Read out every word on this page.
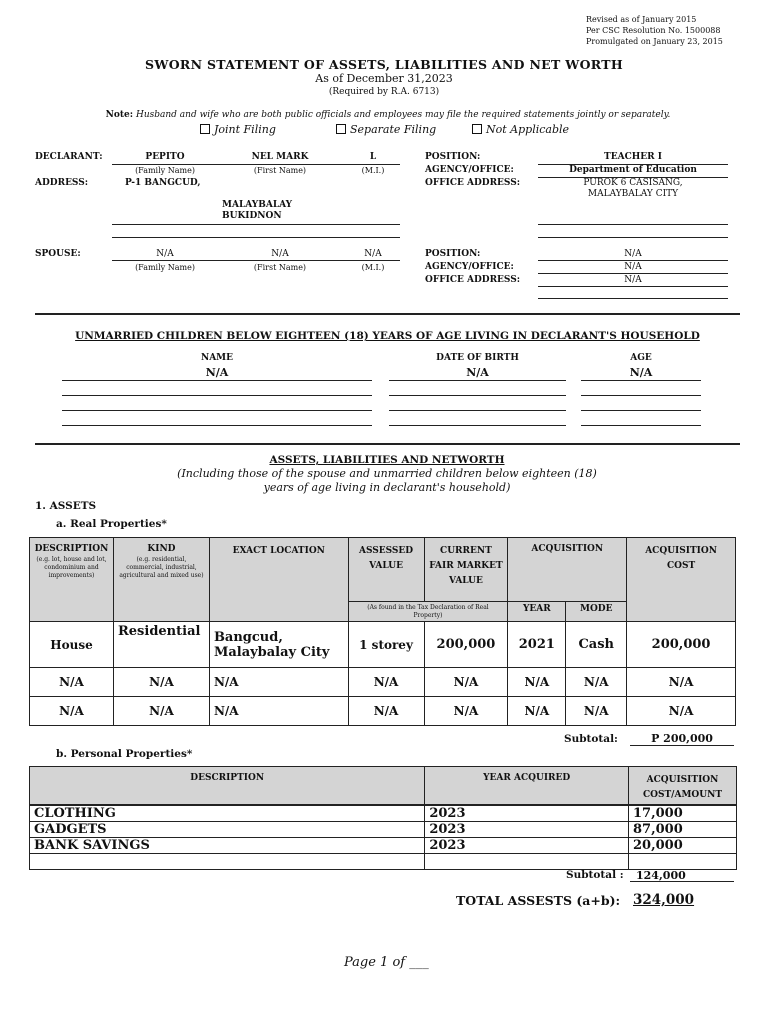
Revised as of January 2015
Per CSC Resolution No. 1500088
Promulgated on January 23, 2015
SWORN STATEMENT OF ASSETS, LIABILITIES AND NET WORTH
As of December 31,2023
(Required by R.A. 6713)
Note: Husband and wife who are both public officials and employees may file the required statements jointly or separately.
Joint Filing	Separate Filing	Not Applicable
DECLARANT:	PEPITO	NEL MARK	L
(Family Name)	(First Name)	(M.I.)
ADDRESS:	P-1 BANGCUD,
MALAYBALAY
BUKIDNON
POSITION:	TEACHER I
AGENCY/OFFICE:	Department of Education
OFFICE ADDRESS:	PUROK 6 CASISANG,
MALAYBALAY CITY
SPOUSE:	N/A	N/A	N/A
(Family Name)	(First Name)	(M.I.)
POSITION:	N/A
AGENCY/OFFICE:	N/A
OFFICE ADDRESS:	N/A
UNMARRIED CHILDREN BELOW EIGHTEEN (18) YEARS OF AGE LIVING IN DECLARANT'S HOUSEHOLD
NAME	DATE OF BIRTH	AGE
N/A	N/A	N/A
ASSETS, LIABILITIES AND NETWORTH
(Including those of the spouse and unmarried children below eighteen (18)
years of age living in declarant's household)
1. ASSETS
a. Real Properties*
DESCRIPTION
(e.g. lot, house and lot, condominium and improvements)	KIND
(e.g. residential, commercial, industrial, agricultural and mixed use)	EXACT LOCATION	ASSESSED VALUE	CURRENT FAIR MARKET VALUE	ACQUISITION		ACQUISITION COST
			(As found in the Tax Declaration of Real Property)		YEAR	MODE	
House	Residential	Bangcud, Malaybalay City	1 storey	200,000	2021	Cash	200,000
N/A	N/A	N/A	N/A	N/A	N/A	N/A	N/A
N/A	N/A	N/A	N/A	N/A	N/A	N/A	N/A
Subtotal:	P 200,000
b. Personal Properties*
DESCRIPTION	YEAR ACQUIRED	ACQUISITION COST/AMOUNT
CLOTHING	2023	17,000
GADGETS	2023	87,000
BANK SAVINGS	2023	20,000

Subtotal : 124,000
TOTAL ASSESTS (a+b): 324,000
Page 1 of ___
